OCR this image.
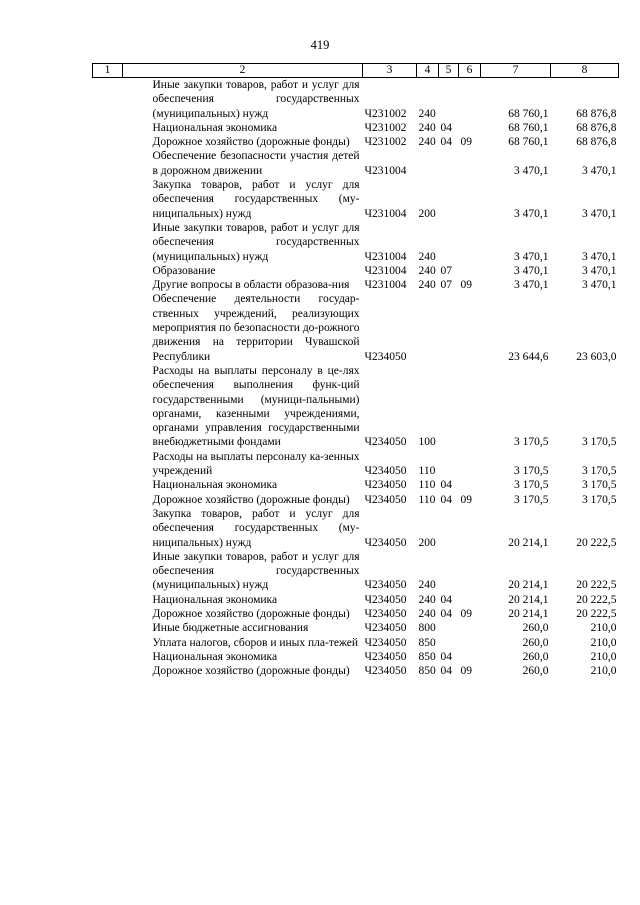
419
1	2	3	4	5	6	7	8
	Иные закупки товаров, работ и услуг для обеспечения государственных (муниципальных) нужд	Ч231002	240			68 760,1	68 876,8
	Национальная экономика	Ч231002	240	04		68 760,1	68 876,8
	Дорожное хозяйство (дорожные фонды)	Ч231002	240	04	09	68 760,1	68 876,8
	Обеспечение безопасности участия детей в дорожном движении	Ч231004				3 470,1	3 470,1
	Закупка товаров, работ и услуг для обеспечения государственных (му-ниципальных) нужд	Ч231004	200			3 470,1	3 470,1
	Иные закупки товаров, работ и услуг для обеспечения государственных (муниципальных) нужд	Ч231004	240			3 470,1	3 470,1
	Образование	Ч231004	240	07		3 470,1	3 470,1
	Другие вопросы в области образова-ния	Ч231004	240	07	09	3 470,1	3 470,1
	Обеспечение деятельности государ-ственных учреждений, реализующих мероприятия по безопасности до-рожного движения на территории Чувашской Республики	Ч234050				23 644,6	23 603,0
	Расходы на выплаты персоналу в це-лях обеспечения выполнения функ-ций государственными (муници-пальными) органами, казенными учреждениями, органами управления государственными внебюджетными фондами	Ч234050	100			3 170,5	3 170,5
	Расходы на выплаты персоналу ка-зенных учреждений	Ч234050	110			3 170,5	3 170,5
	Национальная экономика	Ч234050	110	04		3 170,5	3 170,5
	Дорожное хозяйство (дорожные фонды)	Ч234050	110	04	09	3 170,5	3 170,5
	Закупка товаров, работ и услуг для обеспечения государственных (му-ниципальных) нужд	Ч234050	200			20 214,1	20 222,5
	Иные закупки товаров, работ и услуг для обеспечения государственных (муниципальных) нужд	Ч234050	240			20 214,1	20 222,5
	Национальная экономика	Ч234050	240	04		20 214,1	20 222,5
	Дорожное хозяйство (дорожные фонды)	Ч234050	240	04	09	20 214,1	20 222,5
	Иные бюджетные ассигнования	Ч234050	800			260,0	210,0
	Уплата налогов, сборов и иных пла-тежей	Ч234050	850			260,0	210,0
	Национальная экономика	Ч234050	850	04		260,0	210,0
	Дорожное хозяйство (дорожные фонды)	Ч234050	850	04	09	260,0	210,0
